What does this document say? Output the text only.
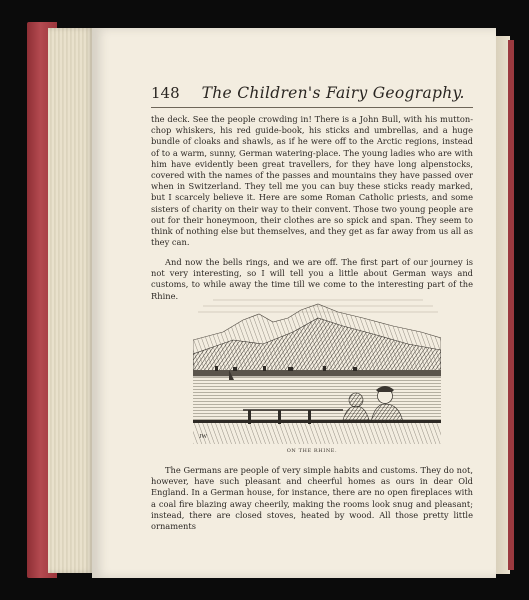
148 The Children's Fairy Geography.

the deck. See the people crowding in! There is a John Bull, with his mutton-chop whiskers, his red guide-book, his sticks and umbrellas, and a huge bundle of cloaks and shawls, as if he were off to the Arctic regions, instead of to a warm, sunny, German watering-place. The young ladies who are with him have evidently been great travellers, for they have long alpenstocks, covered with the names of the passes and mountains they have passed over when in Switzerland. They tell me you can buy these sticks ready marked, but I scarcely believe it. Here are some Roman Catholic priests, and some sisters of charity on their way to their convent. Those two young people are out for their honeymoon, their clothes are so spick and span. They seem to think of nothing else but themselves, and they get as far away from us all as they can.

And now the bells rings, and we are off. The first part of our journey is not very interesting, so I will tell you a little about German ways and customs, to while away the time till we come to the interesting part of the Rhine.

JW
ON THE RHINE.

The Germans are people of very simple habits and customs. They do not, however, have such pleasant and cheerful homes as ours in dear Old England. In a German house, for instance, there are no open fireplaces with a coal fire blazing away cheerily, making the rooms look snug and pleasant; instead, there are closed stoves, heated by wood. All those pretty little ornaments
